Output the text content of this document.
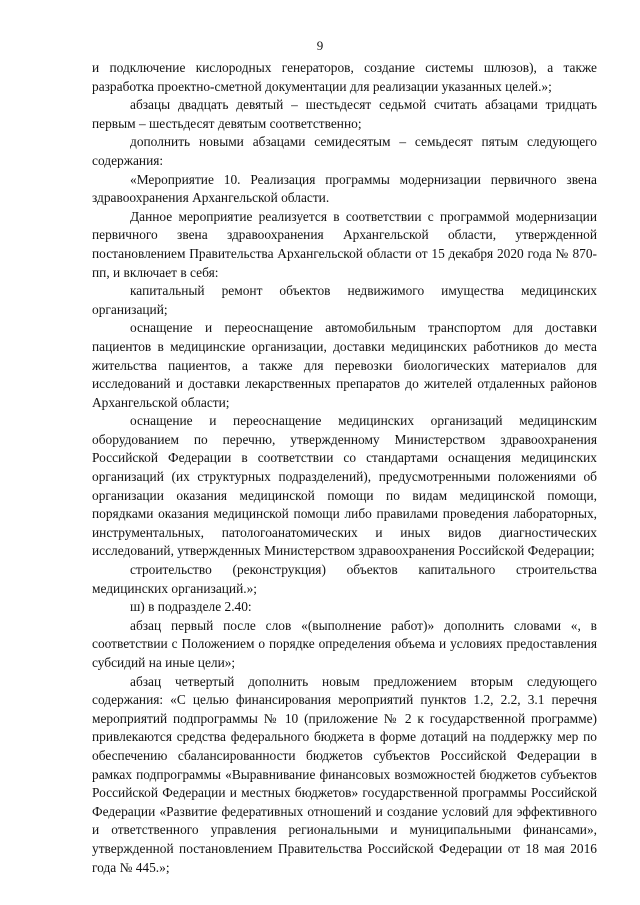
9

и подключение кислородных генераторов, создание системы шлюзов), а также разработка проектно-сметной документации для реализации указанных целей.»;

абзацы двадцать девятый – шестьдесят седьмой считать абзацами тридцать первым – шестьдесят девятым соответственно;

дополнить новыми абзацами семидесятым – семьдесят пятым следующего содержания:

«Мероприятие 10. Реализация программы модернизации первичного звена здравоохранения Архангельской области.

Данное мероприятие реализуется в соответствии с программой модернизации первичного звена здравоохранения Архангельской области, утвержденной постановлением Правительства Архангельской области от 15 декабря 2020 года № 870-пп, и включает в себя:

капитальный ремонт объектов недвижимого имущества медицинских организаций;

оснащение и переоснащение автомобильным транспортом для доставки пациентов в медицинские организации, доставки медицинских работников до места жительства пациентов, а также для перевозки биологических материалов для исследований и доставки лекарственных препаратов до жителей отдаленных районов Архангельской области;

оснащение и переоснащение медицинских организаций медицинским оборудованием по перечню, утвержденному Министерством здравоохранения Российской Федерации в соответствии со стандартами оснащения медицинских организаций (их структурных подразделений), предусмотренными положениями об организации оказания медицинской помощи по видам медицинской помощи, порядками оказания медицинской помощи либо правилами проведения лабораторных, инструментальных, патологоанатомических и иных видов диагностических исследований, утвержденных Министерством здравоохранения Российской Федерации;

строительство (реконструкция) объектов капитального строительства медицинских организаций.»;

ш) в подразделе 2.40:

абзац первый после слов «(выполнение работ)» дополнить словами «, в соответствии с Положением о порядке определения объема и условиях предоставления субсидий на иные цели»;

абзац четвертый дополнить новым предложением вторым следующего содержания: «С целью финансирования мероприятий пунктов 1.2, 2.2, 3.1 перечня мероприятий подпрограммы № 10 (приложение № 2 к государственной программе) привлекаются средства федерального бюджета в форме дотаций на поддержку мер по обеспечению сбалансированности бюджетов субъектов Российской Федерации в рамках подпрограммы «Выравнивание финансовых возможностей бюджетов субъектов Российской Федерации и местных бюджетов» государственной программы Российской Федерации «Развитие федеративных отношений и создание условий для эффективного и ответственного управления региональными и муниципальными финансами», утвержденной постановлением Правительства Российской Федерации от 18 мая 2016 года № 445.»;
